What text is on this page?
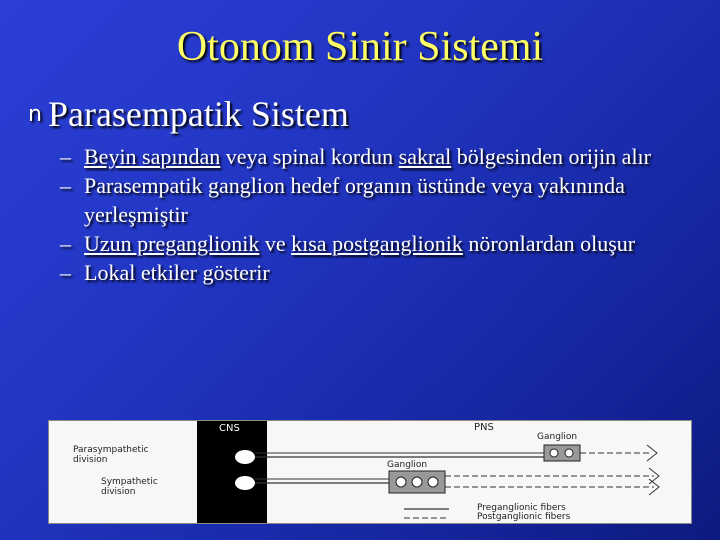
Otonom Sinir Sistemi
n Parasempatik Sistem

– Beyin sapından veya spinal kordun sakral bölgesinden orijin alır

– Parasempatik ganglion hedef organın üstünde veya yakınında yerleşmiştir

– Uzun preganglionik ve kısa postganglionik nöronlardan oluşur

– Lokal etkiler gösterir

CNS	PNS
Ganglion
Ganglion
Parasympathetic division
Sympathetic division
Preganglionic fibers
Postganglionic fibers
